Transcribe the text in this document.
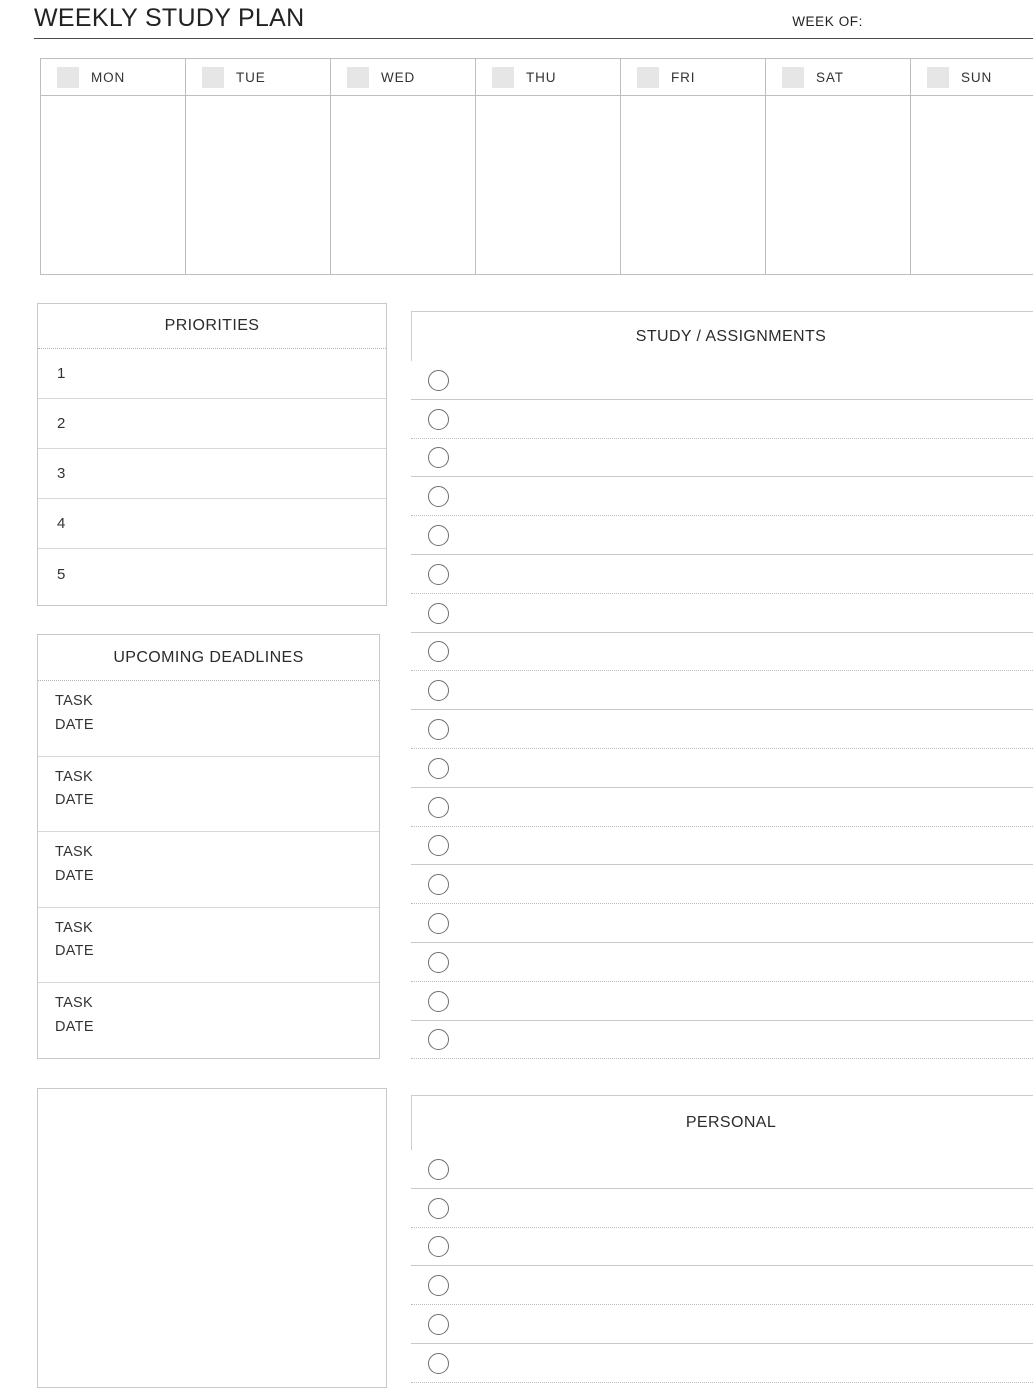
WEEKLY STUDY PLAN	WEEK OF:
MON	TUE	WED	THU	FRI	SAT	SUN
PRIORITIES
1
2
3
4
5
UPCOMING DEADLINES
TASK
DATE
TASK
DATE
TASK
DATE
TASK
DATE
TASK
DATE
STUDY / ASSIGNMENTS
PERSONAL
